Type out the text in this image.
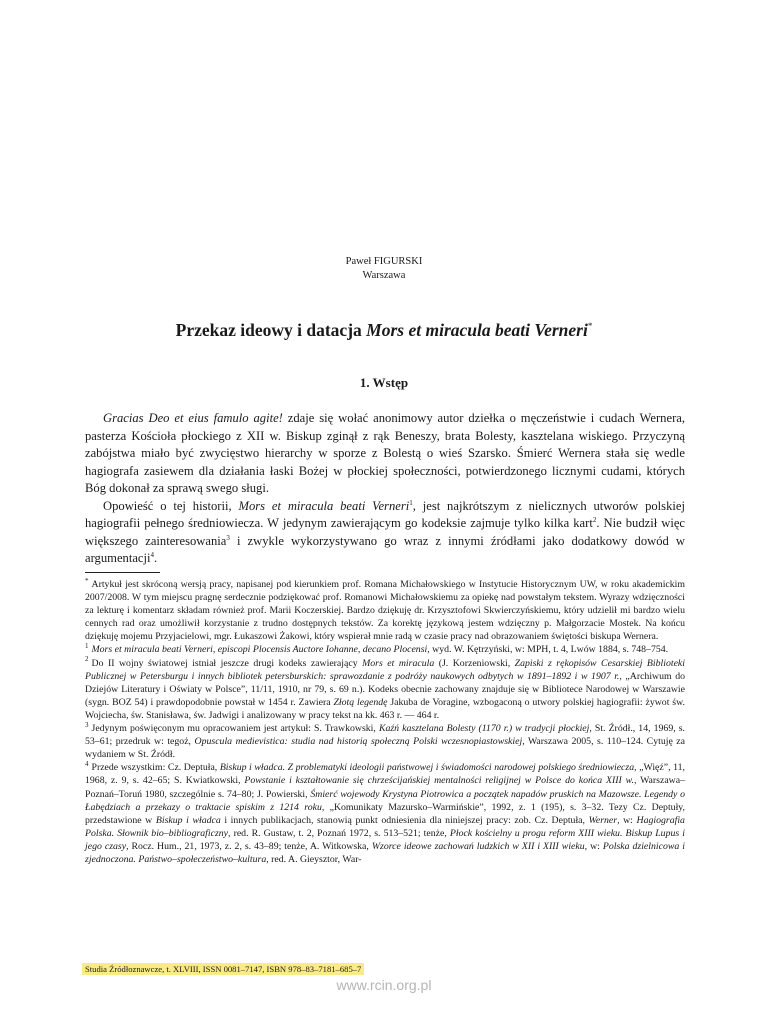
Paweł FIGURSKI
Warszawa
Przekaz ideowy i datacja Mors et miracula beati Verneri*
1. Wstęp

Gracias Deo et eius famulo agite! zdaje się wołać anonimowy autor dziełka o męczeństwie i cudach Wernera, pasterza Kościoła płockiego z XII w. Biskup zginął z rąk Beneszy, brata Bolesty, kasztelana wiskiego. Przyczyną zabójstwa miało być zwycięstwo hierarchy w sporze z Bolestą o wieś Szarsko. Śmierć Wernera stała się wedle hagiografa zasiewem dla działania łaski Bożej w płockiej społeczności, potwierdzonego licznymi cudami, których Bóg dokonał za sprawą swego sługi.

Opowieść o tej historii, Mors et miracula beati Verneri$^1$, jest najkrótszym z nielicznych utworów polskiej hagiografii pełnego średniowiecza. W jedynym zawierającym go kodeksie zajmuje tylko kilka kart$^2$. Nie budził więc większego zainteresowania$^3$ i zwykle wykorzystywano go wraz z innymi źródłami jako dodatkowy dowód w argumentacji$^4$.

* Artykuł jest skróconą wersją pracy, napisanej pod kierunkiem prof. Romana Michałowskiego w Instytucie Historycznym UW, w roku akademickim 2007/2008. W tym miejscu pragnę serdecznie podziękować prof. Romanowi Michałowskiemu za opiekę nad powstałym tekstem. Wyrazy wdzięczności za lekturę i komentarz składam również prof. Marii Koczerskiej. Bardzo dziękuję dr. Krzysztofowi Skwierczyńskiemu, który udzielił mi bardzo wielu cennych rad oraz umożliwił korzystanie z trudno dostępnych tekstów. Za korektę językową jestem wdzięczny p. Małgorzacie Mostek. Na końcu dziękuję mojemu Przyjacielowi, mgr. Łukaszowi Żakowi, który wspierał mnie radą w czasie pracy nad obrazowaniem świętości biskupa Wernera.

$^1$ Mors et miracula beati Verneri, episcopi Plocensis Auctore Iohanne, decano Plocensi, wyd. W. Kętrzyński, w: MPH, t. 4, Lwów 1884, s. 748–754.

$^2$ Do II wojny światowej istniał jeszcze drugi kodeks zawierający Mors et miracula (J. Korzeniowski, Zapiski z rękopisów Cesarskiej Biblioteki Publicznej w Petersburgu i innych bibliotek petersburskich: sprawozdanie z podróży naukowych odbytych w 1891–1892 i w 1907 r., „Archiwum do Dziejów Literatury i Oświaty w Polsce”, 11/11, 1910, nr 79, s. 69 n.). Kodeks obecnie zachowany znajduje się w Bibliotece Narodowej w Warszawie (sygn. BOZ 54) i prawdopodobnie powstał w 1454 r. Zawiera Złotą legendę Jakuba de Voragine, wzbogaconą o utwory polskiej hagiografii: żywot św. Wojciecha, św. Stanisława, św. Jadwigi i analizowany w pracy tekst na kk. 463 r. — 464 r.

$^3$ Jedynym poświęconym mu opracowaniem jest artykuł: S. Trawkowski, Kaźń kasztelana Bolesty (1170 r.) w tradycji płockiej, St. Źródł., 14, 1969, s. 53–61; przedruk w: tegoż, Opuscula medievistica: studia nad historią społeczną Polski wczesnopiastowskiej, Warszawa 2005, s. 110–124. Cytuję za wydaniem w St. Źródł.

$^4$ Przede wszystkim: Cz. Deptuła, Biskup i władca. Z problematyki ideologii państwowej i świadomości narodowej polskiego średniowiecza, „Więź”, 11, 1968, z. 9, s. 42–65; S. Kwiatkowski, Powstanie i kształtowanie się chrześcijańskiej mentalności religijnej w Polsce do końca XIII w., Warszawa–Poznań–Toruń 1980, szczególnie s. 74–80; J. Powierski, Śmierć wojewody Krystyna Piotrowica a początek napadów pruskich na Mazowsze. Legendy o Łabędziach a przekazy o traktacie spiskim z 1214 roku, „Komunikaty Mazursko–Warmińskie”, 1992, z. 1 (195), s. 3–32. Tezy Cz. Deptuły, przedstawione w Biskup i władca i innych publikacjach, stanowią punkt odniesienia dla niniejszej pracy: zob. Cz. Deptuła, Werner, w: Hagiografia Polska. Słownik bio–bibliograficzny, red. R. Gustaw, t. 2, Poznań 1972, s. 513–521; tenże, Płock kościelny u progu reform XIII wieku. Biskup Lupus i jego czasy, Rocz. Hum., 21, 1973, z. 2, s. 43–89; tenże, A. Witkowska, Wzorce ideowe zachowań ludzkich w XII i XIII wieku, w: Polska dzielnicowa i zjednoczona. Państwo–społeczeństwo–kultura, red. A. Gieysztor, War-

Studia Źródłoznawcze, t. XLVIII, ISSN 0081–7147, ISBN 978–83–7181–685–7
www.rcin.org.pl
